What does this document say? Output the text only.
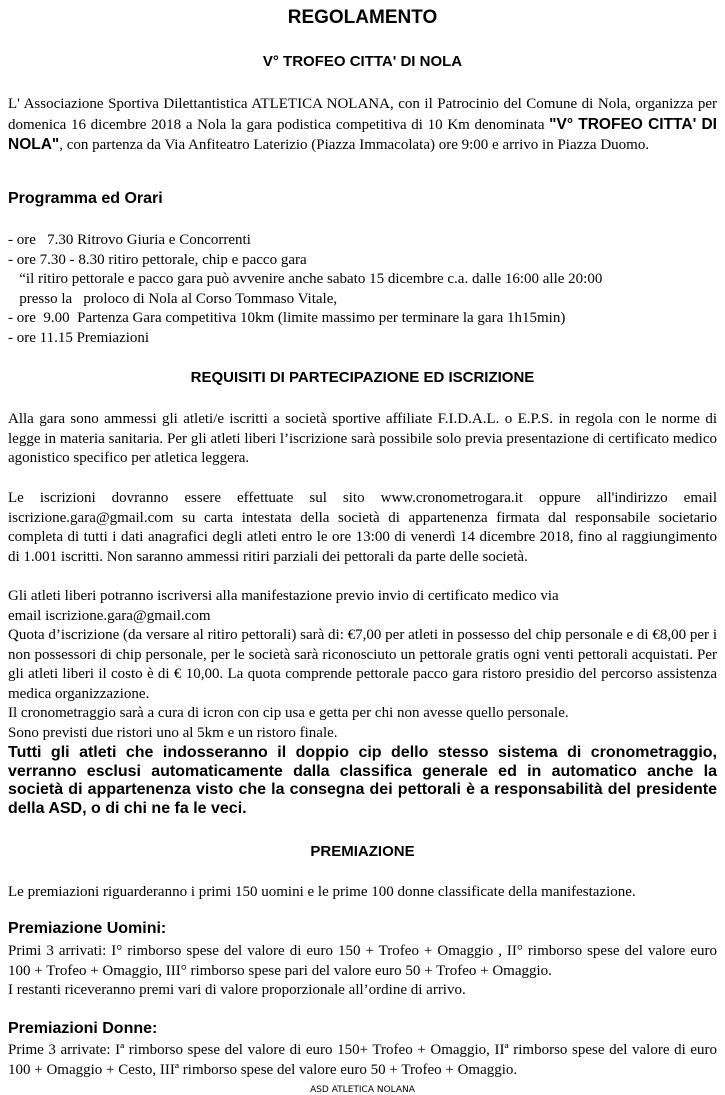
REGOLAMENTO
V° TROFEO CITTA' DI NOLA

L' Associazione Sportiva Dilettantistica ATLETICA NOLANA, con il Patrocinio del Comune di Nola, organizza per domenica 16 dicembre 2018 a Nola la gara podistica competitiva di 10 Km denominata "V° TROFEO CITTA' DI NOLA", con partenza da Via Anfiteatro Laterizio (Piazza Immacolata) ore 9:00 e arrivo in Piazza Duomo.

Programma ed Orari

- ore   7.30 Ritrovo Giuria e Concorrenti

- ore 7.30 - 8.30 ritiro pettorale, chip e pacco gara

“il ritiro pettorale e pacco gara può avvenire anche sabato 15 dicembre c.a. dalle 16:00 alle 20:00

presso la   proloco di Nola al Corso Tommaso Vitale,

- ore  9.00  Partenza Gara competitiva 10km (limite massimo per terminare la gara 1h15min)

- ore 11.15 Premiazioni

REQUISITI DI PARTECIPAZIONE ED ISCRIZIONE

Alla gara sono ammessi gli atleti/e iscritti a società sportive affiliate F.I.D.A.L. o E.P.S. in regola con le norme di legge in materia sanitaria. Per gli atleti liberi l’iscrizione sarà possibile solo previa presentazione di certificato medico agonistico specifico per atletica leggera.

Le iscrizioni dovranno essere effettuate sul sito www.cronometrogara.it oppure all'indirizzo email iscrizione.gara@gmail.com su carta intestata della società di appartenenza firmata dal responsabile societario completa di tutti i dati anagrafici degli atleti entro le ore 13:00 di venerdì 14 dicembre 2018, fino al raggiungimento di 1.001 iscritti. Non saranno ammessi ritiri parziali dei pettorali da parte delle società.

Gli atleti liberi potranno iscriversi alla manifestazione previo invio di certificato medico via

email iscrizione.gara@gmail.com

Quota d’iscrizione (da versare al ritiro pettorali) sarà di: €7,00 per atleti in possesso del chip personale e di €8,00 per i non possessori di chip personale, per le società sarà riconosciuto un pettorale gratis ogni venti pettorali acquistati. Per gli atleti liberi il costo è di € 10,00. La quota comprende pettorale pacco gara ristoro presidio del percorso assistenza medica organizzazione.

Il cronometraggio sarà a cura di icron con cip usa e getta per chi non avesse quello personale.

Sono previsti due ristori uno al 5km e un ristoro finale.

Tutti gli atleti che indosseranno il doppio cip dello stesso sistema di cronometraggio, verranno esclusi automaticamente dalla classifica generale ed in automatico anche la società di appartenenza visto che la consegna dei pettorali è a responsabilità del presidente della ASD, o di chi ne fa le veci.

PREMIAZIONE

Le premiazioni riguarderanno i primi 150 uomini e le prime 100 donne classificate della manifestazione.

Premiazione Uomini:

Primi 3 arrivati: I° rimborso spese del valore di euro 150 + Trofeo + Omaggio , II° rimborso spese del valore euro 100 + Trofeo + Omaggio, III° rimborso spese pari del valore euro 50 + Trofeo + Omaggio.

I restanti riceveranno premi vari di valore proporzionale all’ordine di arrivo.

Premiazioni Donne:

Prime 3 arrivate: Iª rimborso spese del valore di euro 150+ Trofeo + Omaggio, IIª rimborso spese del valore di euro 100 + Omaggio + Cesto, IIIª rimborso spese del valore euro 50 + Trofeo + Omaggio.

ASD ATLETICA NOLANA
